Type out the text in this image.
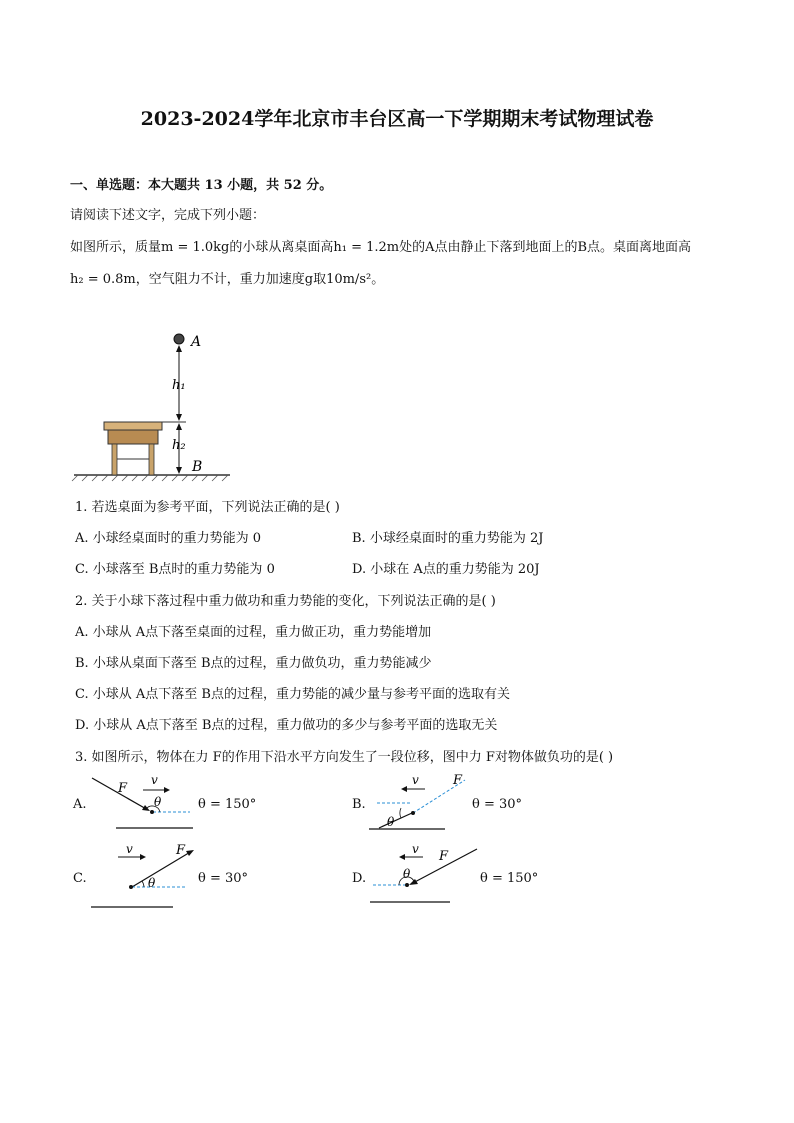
2023-2024学年北京市丰台区高一下学期期末考试物理试卷
一、单选题：本大题共 13 小题，共 52 分。
请阅读下述文字，完成下列小题：
如图所示，质量m = 1.0kg的小球从离桌面高h₁ = 1.2m处的A点由静止下落到地面上的B点。桌面离地面高
h₂ = 0.8m，空气阻力不计，重力加速度g取10m/s²。
A
h₁
h₂
B
1. 若选桌面为参考平面，下列说法正确的是( )
A. 小球经桌面时的重力势能为 0	B. 小球经桌面时的重力势能为 2J
C. 小球落至 B点时的重力势能为 0	D. 小球在 A点的重力势能为 20J
2. 关于小球下落过程中重力做功和重力势能的变化，下列说法正确的是( )
A. 小球从 A点下落至桌面的过程，重力做正功，重力势能增加
B. 小球从桌面下落至 B点的过程，重力做负功，重力势能减少
C. 小球从 A点下落至 B点的过程，重力势能的减少量与参考平面的选取有关
D. 小球从 A点下落至 B点的过程，重力做功的多少与参考平面的选取无关
3. 如图所示，物体在力 F的作用下沿水平方向发生了一段位移，图中力 F对物体做负功的是( )
A.
F
v
θ	θ = 150°	B.
F
v
θ
θ = 30°
C.
F
v
θ	θ = 30°	D.
F
v
θ	θ = 150°
